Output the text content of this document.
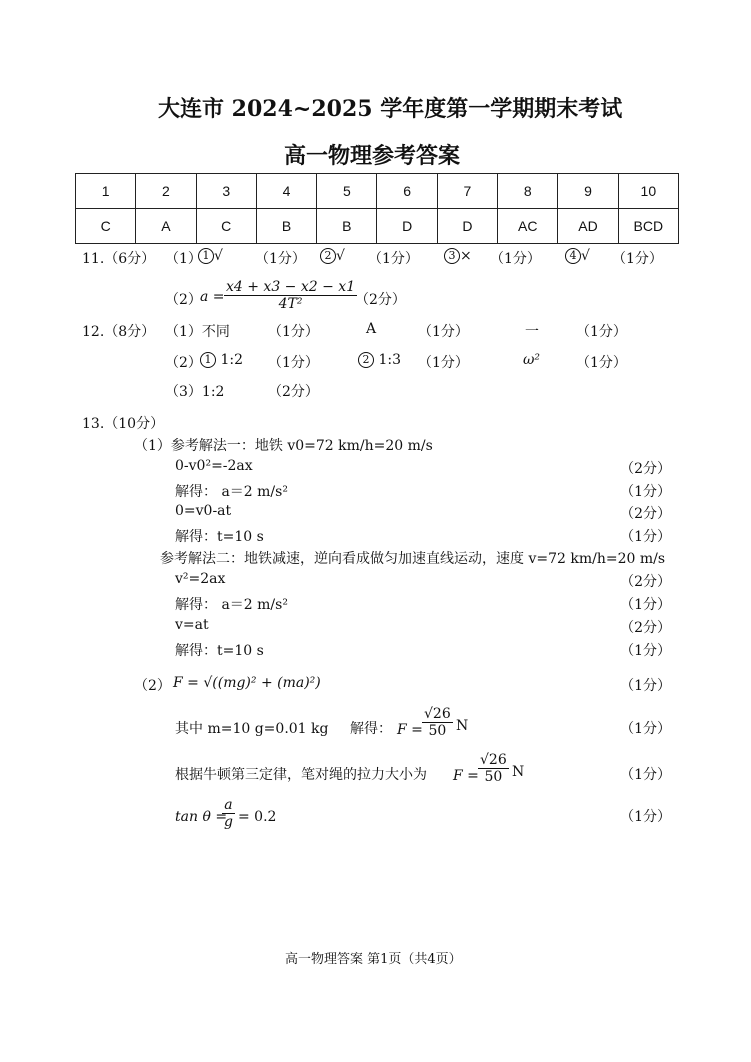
大连市 2024~2025 学年度第一学期期末考试
高一物理参考答案
1	2	3	4	5	6	7	8	9	10
C	A	C	B	B	D	D	AC	AD	BCD
11.（6分） （1） 1 √ （1分）	2 √ （1分）	3 × （1分）	4 √ （1分）
（2）
$a = \frac{x4 + x3 - x2 - x1}{\text{4T²}}$
（2分）
12.（8分） （1）不同	（1分）	A	（1分）	一	（1分）
（2） 1 1:2 （1分）	2 1:3 （1分）	ω²	（1分）
（3）1:2	（2分）
13.（10分）
（1）参考解法一：地铁 v0=72 km/h=20 m/s
0-v0²=-2ax	（2分）
解得： a＝2 m/s²	（1分）
0=v0-at	（2分）
解得：t=10 s	（1分）
参考解法二：地铁减速，逆向看成做匀加速直线运动，速度 v=72 km/h=20 m/s
v²=2ax	（2分）
解得： a＝2 m/s²	（1分）
v=at	（2分）
解得：t=10 s	（1分）
（2） F = √((mg)² + (ma)²)	（1分）
其中 m=10 g=0.01 kg 解得： $F = \frac{√26}{50}$ N	（1分）
根据牛顿第三定律，笔对绳的拉力大小为 $F = \frac{√26}{50}$ N	（1分）
tan θ =
$\frac{a}{g} = 0.2$	（1分）
高一物理答案 第1页（共4页）
